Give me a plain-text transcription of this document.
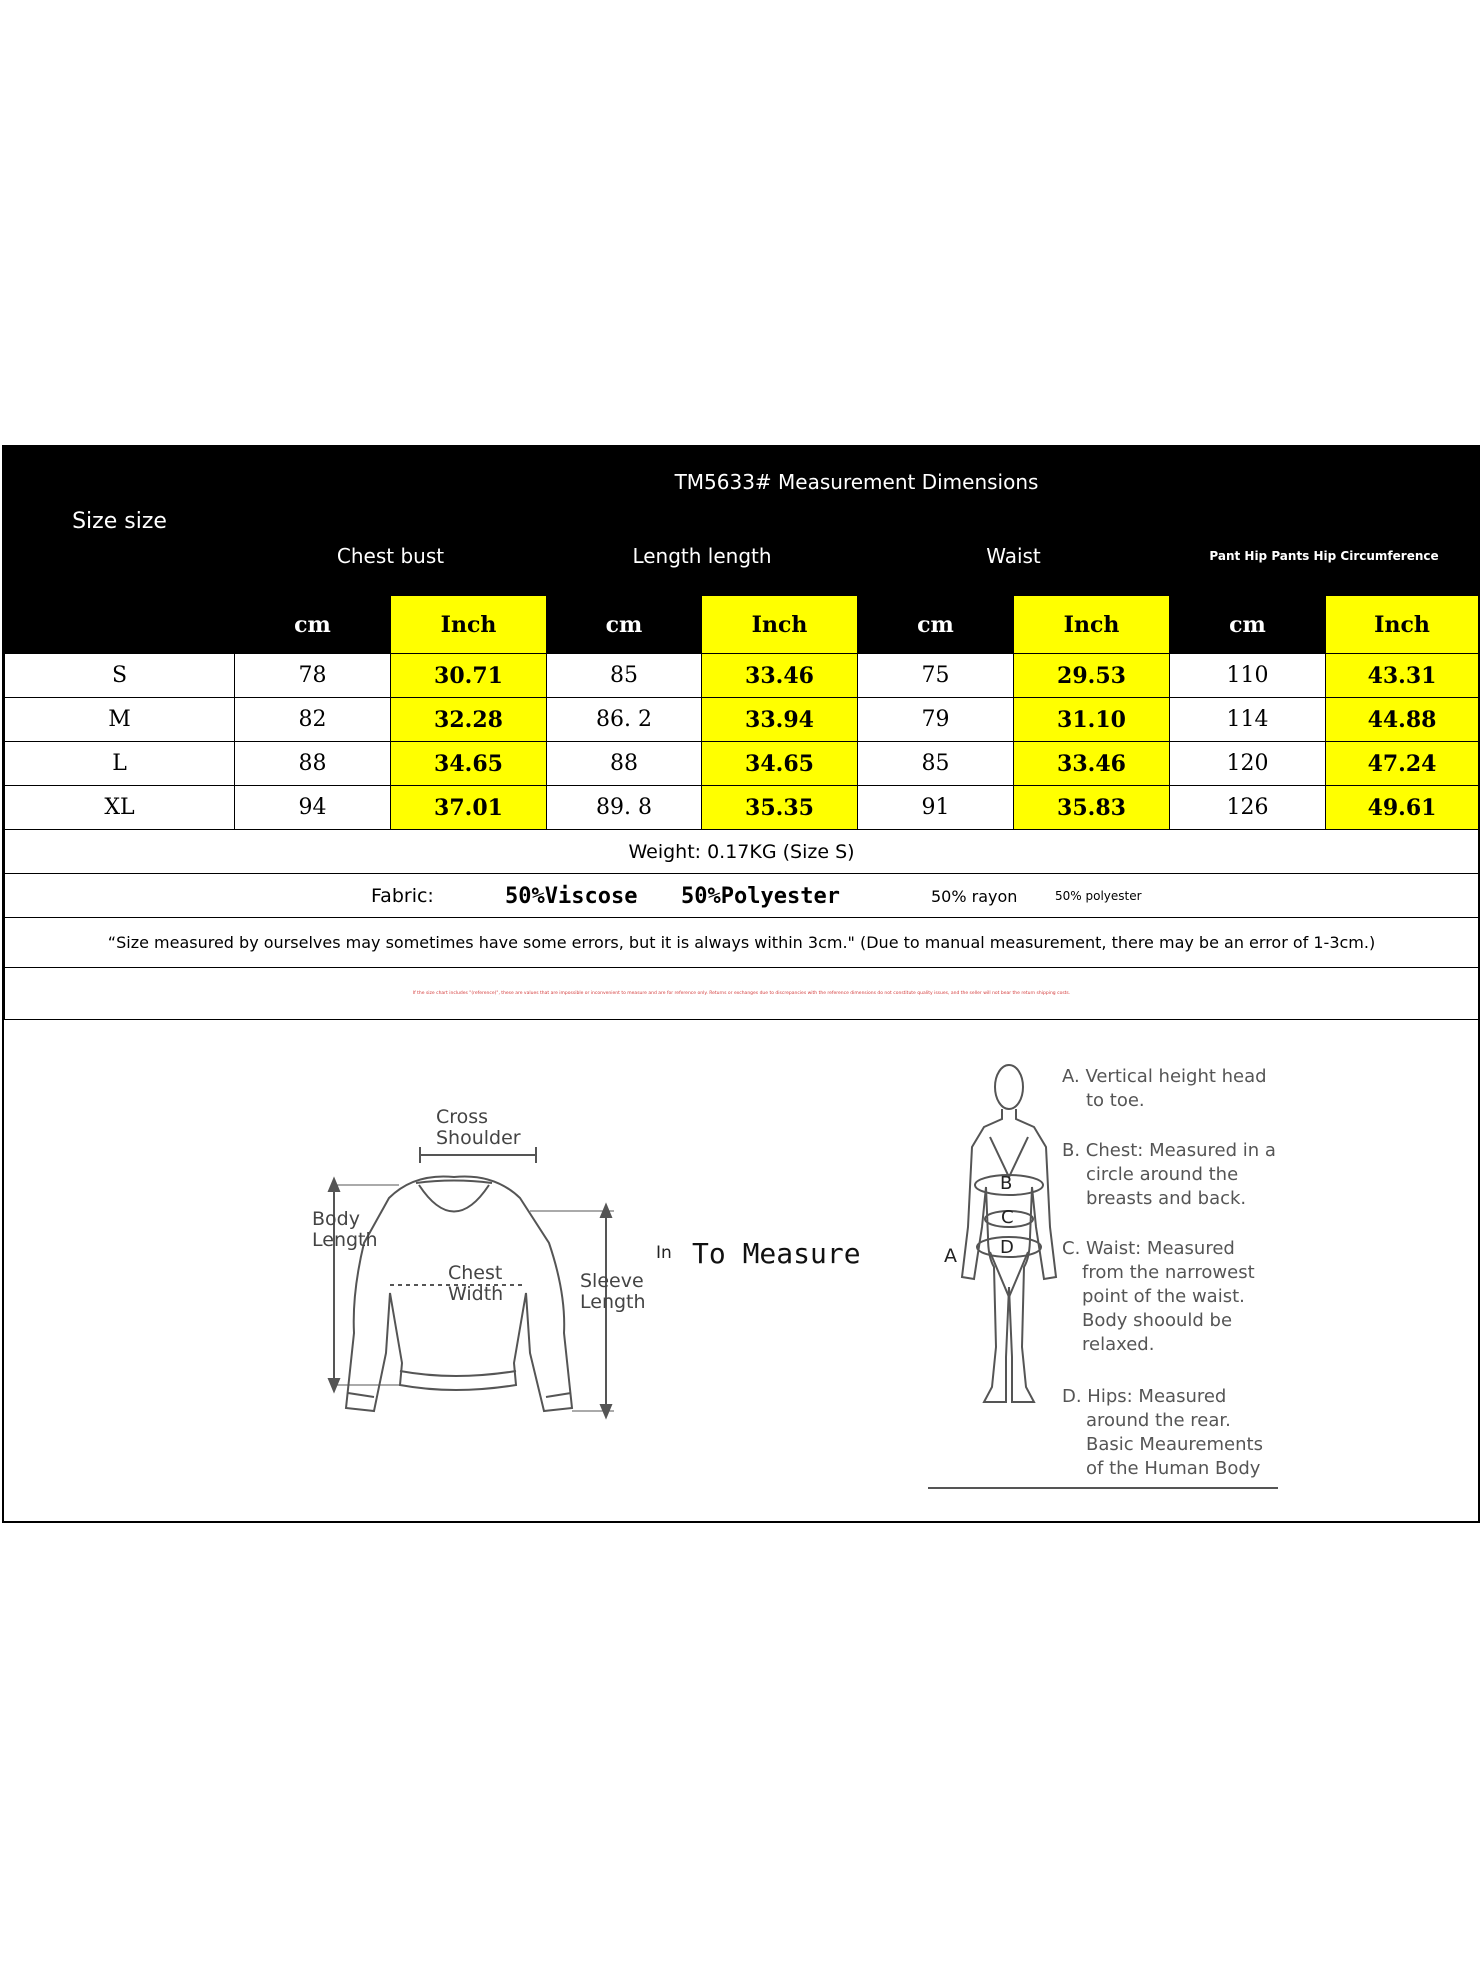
Size size	TM5633# Measurement Dimensions							
	Chest bust		Length length		Waist		Pant Hip Pants Hip Circumference	
	cm	Inch	cm	Inch	cm	Inch	cm	Inch
S	78	30.71	85	33.46	75	29.53	110	43.31
M	82	32.28	86. 2	33.94	79	31.10	114	44.88
L	88	34.65	88	34.65	85	33.46	120	47.24
XL	94	37.01	89. 8	35.35	91	35.83	126	49.61
Weight: 0.17KG (Size S)								

Fabric: 50%Viscose 50%Polyester 50% rayon 50% polyester								

“Size measured by ourselves may sometimes have some errors, but it is always within 3cm." (Due to manual measurement, there may be an error of 1-3cm.)								
If the size chart includes "(reference)", these are values that are impossible or inconvenient to measure and are for reference only. Returns or exchanges due to discrepancies with the reference dimensions do not constitute quality issues, and the seller will not bear the return shipping costs.								
Cross
Shoulder
Body
Length
Chest
Width
Sleeve
Length
In To Measure	A
B
C
D
A. Vertical height head
to toe.
B. Chest: Measured in a
circle around the
breasts and back.
C. Waist: Measured
from the narrowest
point of the waist.
Body shoould be
relaxed.
D. Hips: Measured
around the rear.
Basic Meaurements
of the Human Body
